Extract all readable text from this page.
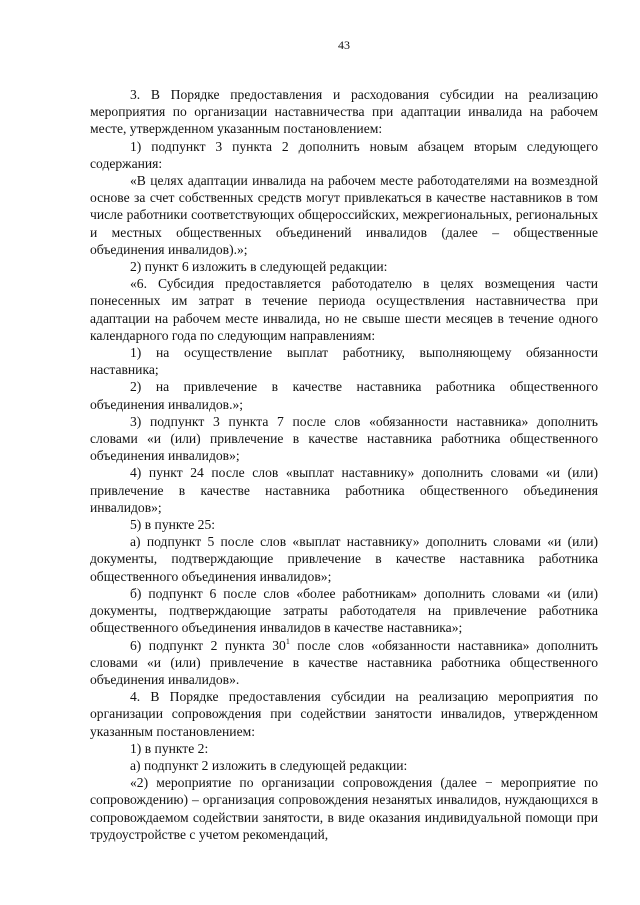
43

3. В Порядке предоставления и расходования субсидии на реализацию мероприятия по организации наставничества при адаптации инвалида на рабочем месте, утвержденном указанным постановлением:

1) подпункт 3 пункта 2 дополнить новым абзацем вторым следующего содержания:

«В целях адаптации инвалида на рабочем месте работодателями на возмездной основе за счет собственных средств могут привлекаться в качестве наставников в том числе работники соответствующих общероссийских, межрегиональных, региональных и местных общественных объединений инвалидов (далее – общественные объединения инвалидов).»;

2) пункт 6 изложить в следующей редакции:

«6. Субсидия предоставляется работодателю в целях возмещения части понесенных им затрат в течение периода осуществления наставничества при адаптации на рабочем месте инвалида, но не свыше шести месяцев в течение одного календарного года по следующим направлениям:

1) на осуществление выплат работнику, выполняющему обязанности наставника;

2) на привлечение в качестве наставника работника общественного объединения инвалидов.»;

3) подпункт 3 пункта 7 после слов «обязанности наставника» дополнить словами «и (или) привлечение в качестве наставника работника общественного объединения инвалидов»;

4) пункт 24 после слов «выплат наставнику» дополнить словами «и (или) привлечение в качестве наставника работника общественного объединения инвалидов»;

5) в пункте 25:

а) подпункт 5 после слов «выплат наставнику» дополнить словами «и (или) документы, подтверждающие привлечение в качестве наставника работника общественного объединения инвалидов»;

б) подпункт 6 после слов «более работникам» дополнить словами «и (или) документы, подтверждающие затраты работодателя на привлечение работника общественного объединения инвалидов в качестве наставника»;

6) подпункт 2 пункта $30^1$ после слов «обязанности наставника» дополнить словами «и (или) привлечение в качестве наставника работника общественного объединения инвалидов».

4. В Порядке предоставления субсидии на реализацию мероприятия по организации сопровождения при содействии занятости инвалидов, утвержденном указанным постановлением:

1) в пункте 2:

а) подпункт 2 изложить в следующей редакции:

«2) мероприятие по организации сопровождения (далее − мероприятие по сопровождению) – организация сопровождения незанятых инвалидов, нуждающихся в сопровождаемом содействии занятости, в виде оказания индивидуальной помощи при трудоустройстве с учетом рекомендаций,
